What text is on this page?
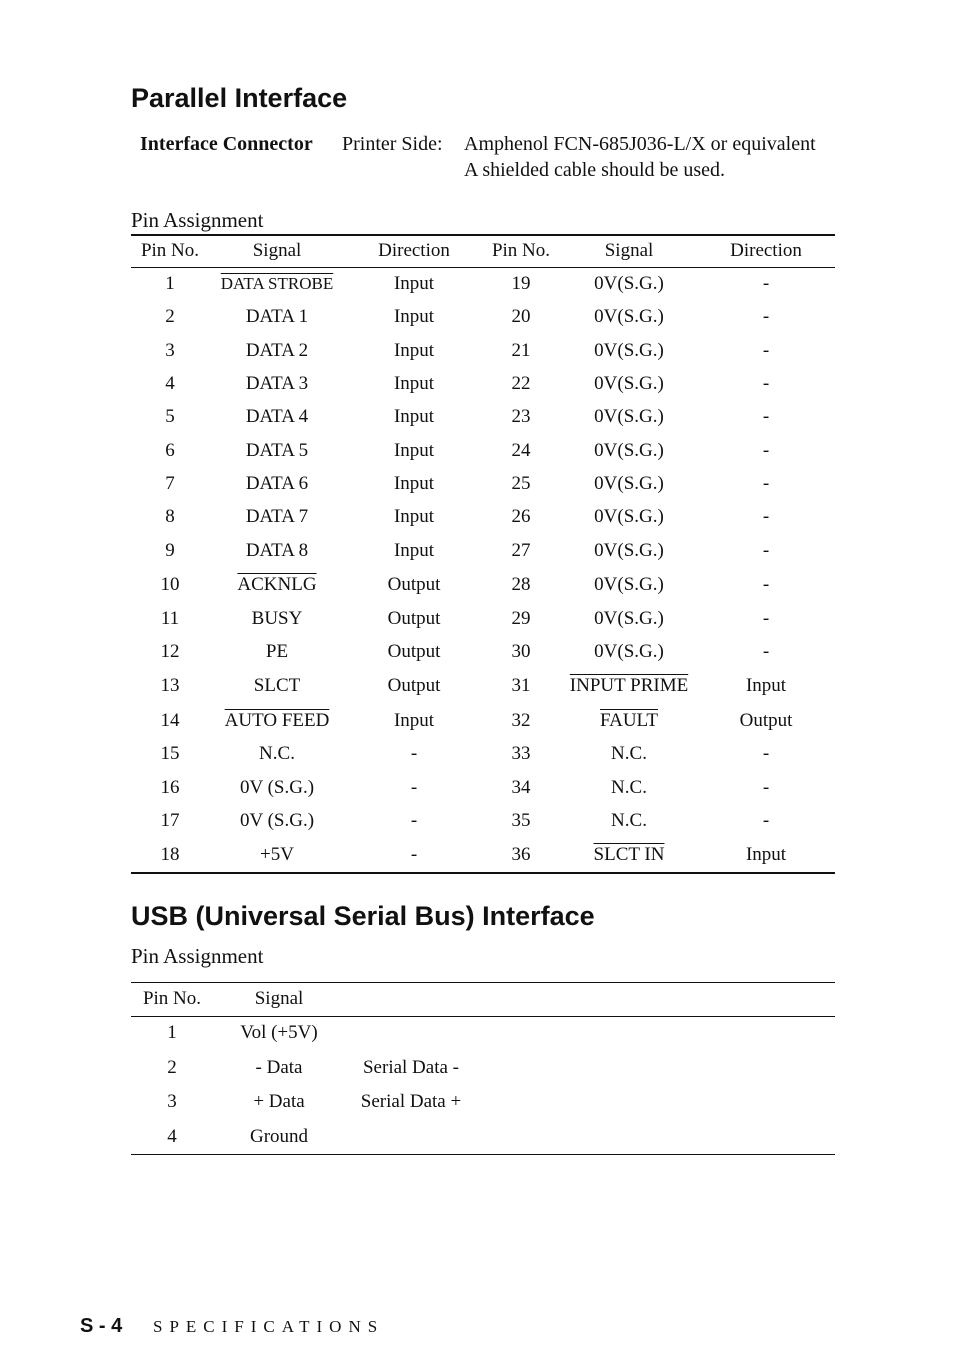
Parallel Interface
Interface Connector Printer Side: Amphenol FCN-685J036-L/X or equivalent
A shielded cable should be used.
Pin Assignment
Pin No.	Signal	Direction Pin No.	Signal	Direction
1	DATA STROBE	Input	19	0V(S.G.)	-
2	DATA 1	Input	20	0V(S.G.)	-
3	DATA 2	Input	21	0V(S.G.)	-
4	DATA 3	Input	22	0V(S.G.)	-
5	DATA 4	Input	23	0V(S.G.)	-
6	DATA 5	Input	24	0V(S.G.)	-
7	DATA 6	Input	25	0V(S.G.)	-
8	DATA 7	Input	26	0V(S.G.)	-
9	DATA 8	Input	27	0V(S.G.)	-
10	ACKNLG	Output	28	0V(S.G.)	-
11	BUSY	Output	29	0V(S.G.)	-
12	PE	Output	30	0V(S.G.)	-
13	SLCT	Output	31 INPUT PRIME	Input
14 AUTO FEED	Input	32	FAULT	Output
15	N.C.	-	33	N.C.	-
16	0V (S.G.)	-	34	N.C.	-
17	0V (S.G.)	-	35	N.C.	-
18	+5V	-	36	SLCT IN	Input
USB (Universal Serial Bus) Interface
Pin Assignment
Pin No.	Signal
1	Vol (+5V)
2	- Data	Serial Data -
3	+ Data	Serial Data +
4	Ground
S - 4 SPECIFICATIONS
